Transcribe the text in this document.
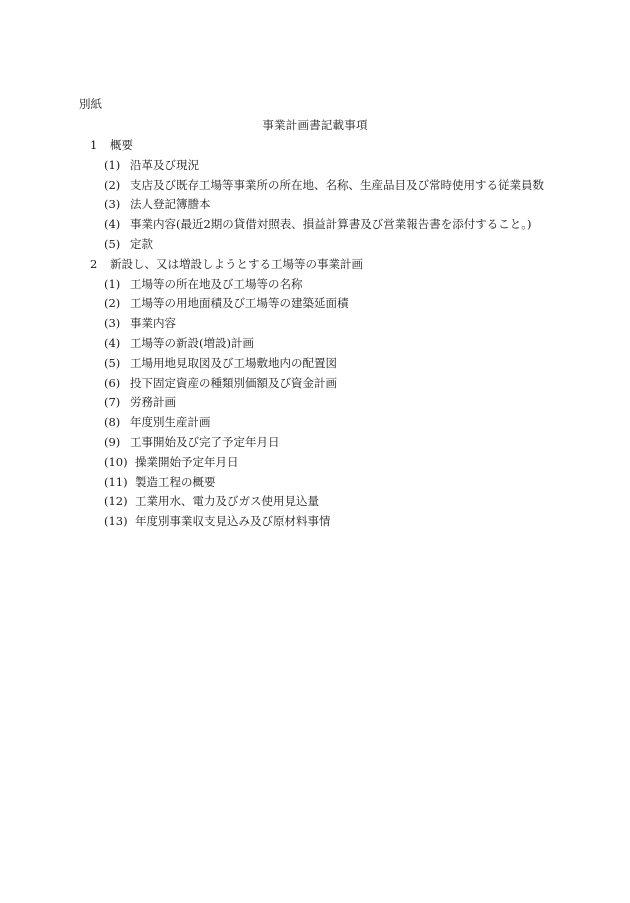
別紙
事業計画書記載事項
1 概要
(1) 沿革及び現況
(2) 支店及び既存工場等事業所の所在地、名称、生産品目及び常時使用する従業員数
(3) 法人登記簿謄本
(4) 事業内容(最近2期の貸借対照表、損益計算書及び営業報告書を添付すること。)
(5) 定款
2 新設し、又は増設しようとする工場等の事業計画
(1) 工場等の所在地及び工場等の名称
(2) 工場等の用地面積及び工場等の建築延面積
(3) 事業内容
(4) 工場等の新設(増設)計画
(5) 工場用地見取図及び工場敷地内の配置図
(6) 投下固定資産の種類別価額及び資金計画
(7) 労務計画
(8) 年度別生産計画
(9) 工事開始及び完了予定年月日
(10) 操業開始予定年月日
(11) 製造工程の概要
(12) 工業用水、電力及びガス使用見込量
(13) 年度別事業収支見込み及び原材料事情
